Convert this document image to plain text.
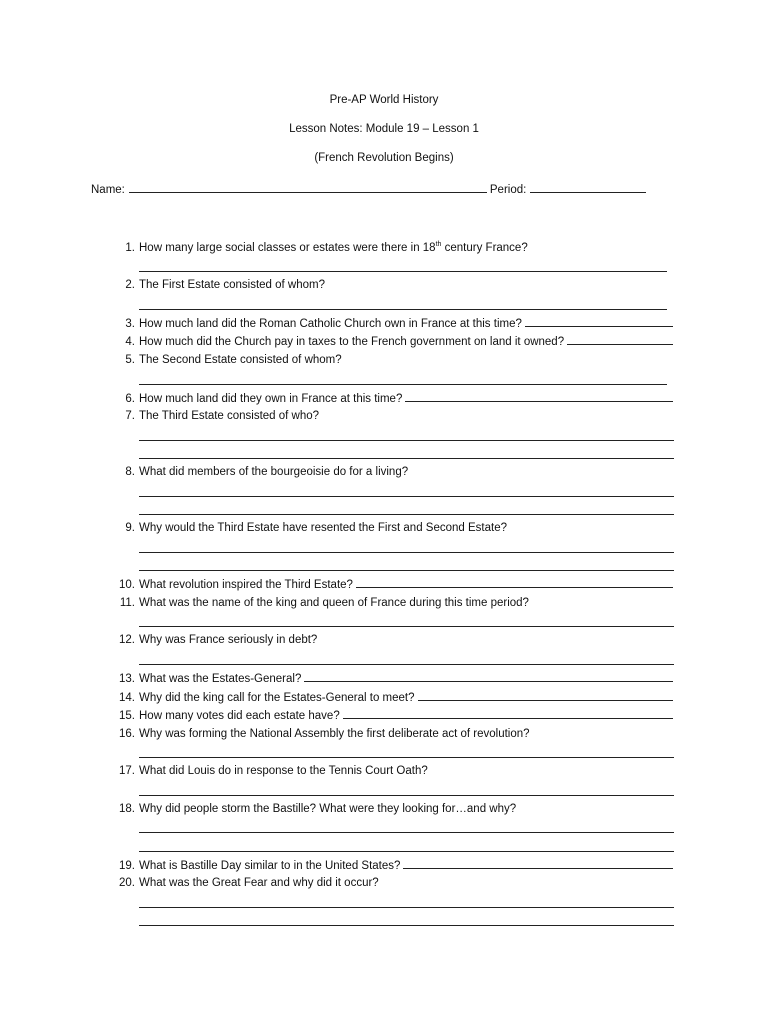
Pre-AP World History
Lesson Notes: Module 19 – Lesson 1
(French Revolution Begins)
Name:	Period:
1. How many large social classes or estates were there in 18th century France?
2. The First Estate consisted of whom?
3. How much land did the Roman Catholic Church own in France at this time?
4. How much did the Church pay in taxes to the French government on land it owned?
5. The Second Estate consisted of whom?
6. How much land did they own in France at this time?
7. The Third Estate consisted of who?
8. What did members of the bourgeoisie do for a living?
9. Why would the Third Estate have resented the First and Second Estate?
10. What revolution inspired the Third Estate?
11. What was the name of the king and queen of France during this time period?
12. Why was France seriously in debt?
13. What was the Estates-General?
14. Why did the king call for the Estates-General to meet?
15. How many votes did each estate have?
16. Why was forming the National Assembly the first deliberate act of revolution?
17. What did Louis do in response to the Tennis Court Oath?
18. Why did people storm the Bastille? What were they looking for…and why?
19. What is Bastille Day similar to in the United States?
20. What was the Great Fear and why did it occur?
